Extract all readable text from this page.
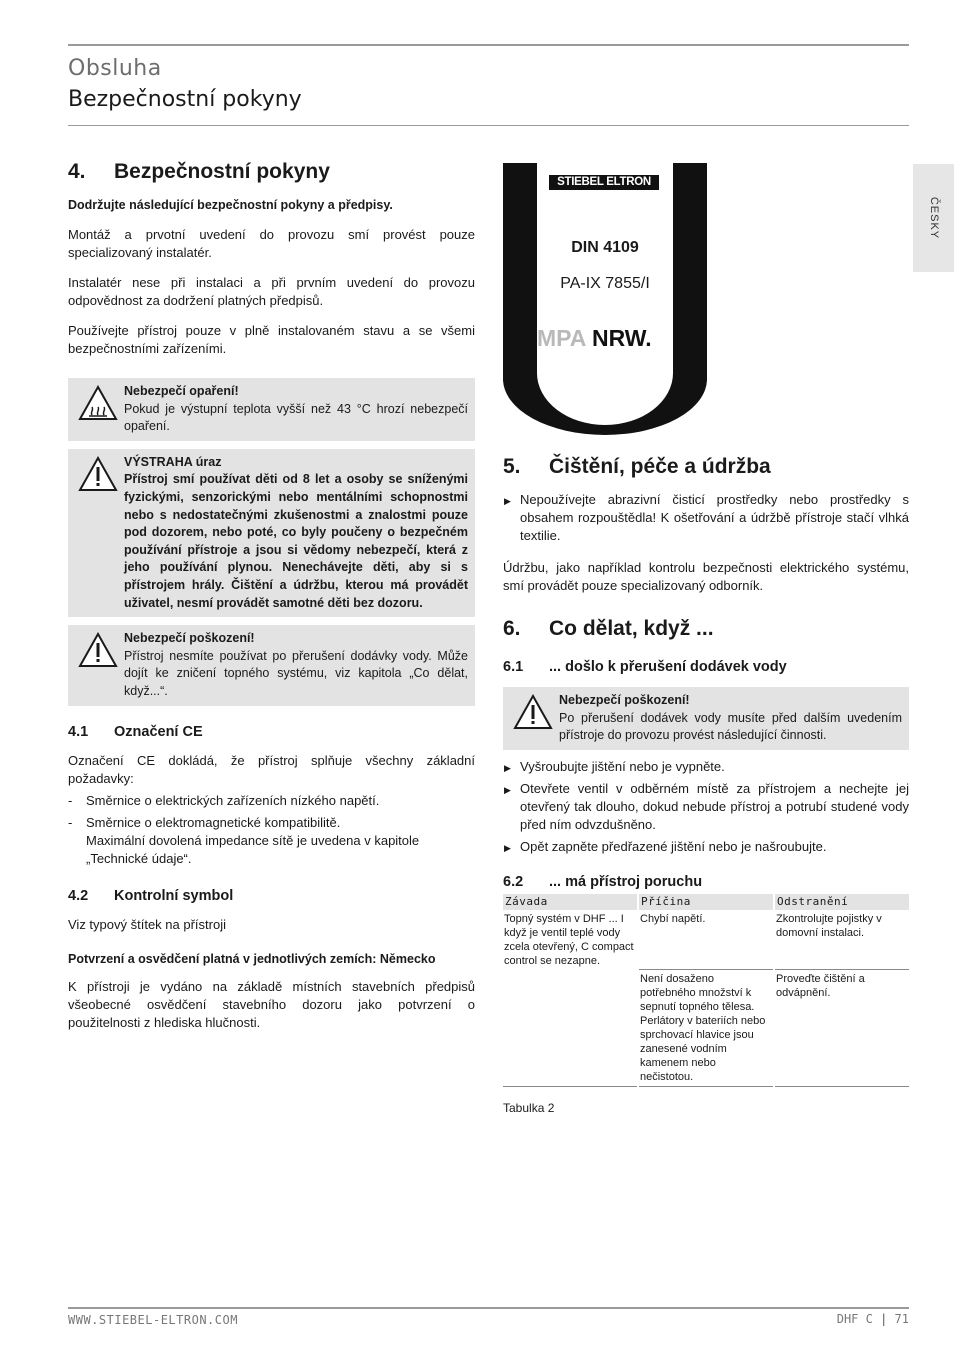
Obsluha
Bezpečnostní pokyny
ČESKY
4.	Bezpečnostní pokyny

Dodržujte následující bezpečnostní pokyny a předpisy.

Montáž a prvotní uvedení do provozu smí provést pouze specializovaný instalatér.

Instalatér nese při instalaci a při prvním uvedení do provozu odpovědnost za dodržení platných předpisů.

Používejte přístroj pouze v plně instalovaném stavu a se všemi bezpečnostními zařízeními.

Nebezpečí opaření!
Pokud je výstupní teplota vyšší než 43 °C hrozí nebezpečí opaření.
VÝSTRAHA úraz
Přístroj smí používat děti od 8 let a osoby se sníženými fyzickými, senzorickými nebo mentálními schopnostmi nebo s nedostatečnými zkušenostmi a znalostmi pouze pod dozorem, nebo poté, co byly poučeny o bezpečném používání přístroje a jsou si vědomy nebezpečí, která z jeho používání plynou. Nenechávejte děti, aby si s přístrojem hrály. Čištění a údržbu, kterou má provádět uživatel, nesmí provádět samotné děti bez dozoru.
Nebezpečí poškození!
Přístroj nesmíte používat po přerušení dodávky vody. Může dojít ke zničení topného systému, viz kapitola „Co dělat, když...“.
4.1	Označení CE

Označení CE dokládá, že přístroj splňuje všechny základní požadavky:

- Směrnice o elektrických zařízeních nízkého napětí.
- Směrnice o elektromagnetické kompatibilitě.
Maximální dovolená impedance sítě je uvedena v kapitole „Technické údaje“.
4.2	Kontrolní symbol

Viz typový štítek na přístroji

Potvrzení a osvědčení platná v jednotlivých zemích: Německo

K přístroji je vydáno na základě místních stavebních předpisů všeobecné osvědčení stavebního dozoru jako potvrzení o použitelnosti z hlediska hlučnosti.

STIEBEL ELTRON
DIN 4109
PA-IX 7855/I
MPA NRW.
5.	Čištění, péče a údržba
▶ Nepoužívejte abrazivní čisticí prostředky nebo prostředky s obsahem rozpouštědla! K ošetřování a údržbě přístroje stačí vlhká textilie.

Údržbu, jako například kontrolu bezpečnosti elektrického systému, smí provádět pouze specializovaný odborník.

6.	Co dělat, když ...
6.1	... došlo k přerušení dodávek vody
Nebezpečí poškození!
Po přerušení dodávek vody musíte před dalším uvedením přístroje do provozu provést následující činnosti.
▶ Vyšroubujte jištění nebo je vypněte.
▶ Otevřete ventil v odběrném místě za přístrojem a nechejte jej otevřený tak dlouho, dokud nebude přístroj a potrubí studené vody před ním odvzdušněno.
▶ Opět zapněte předřazené jištění nebo je našroubujte.
6.2	... má přístroj poruchu
Závada	Příčina	Odstranění
Topný systém v DHF ... I když je ventil teplé vody zcela otevřený, C compact control se nezapne.	Chybí napětí.	Zkontrolujte pojistky v domovní instalaci.
	Není dosaženo potřebného množství k sepnutí topného tělesa. Perlátory v bateriích nebo sprchovací hlavice jsou zanesené vodním kamenem nebo nečistotou.	Proveďte čištění a odvápnění.
Tabulka 2
WWW.STIEBEL-ELTRON.COM	DHF C | 71
